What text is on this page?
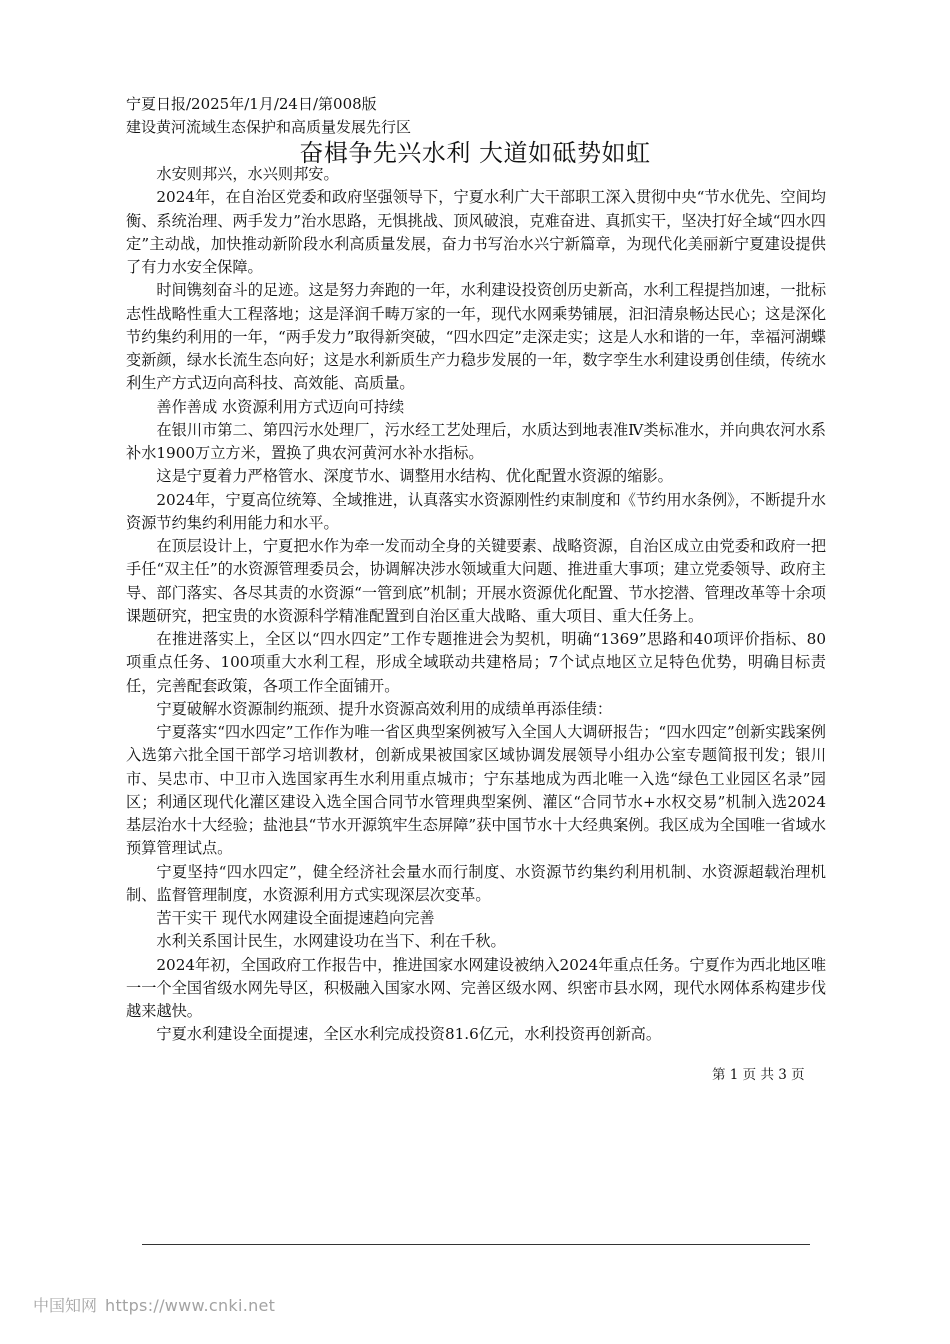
宁夏日报/2025年/1月/24日/第008版
建设黄河流域生态保护和高质量发展先行区
奋楫争先兴水利 大道如砥势如虹

水安则邦兴，水兴则邦安。

2024年，在自治区党委和政府坚强领导下，宁夏水利广大干部职工深入贯彻中央“节水优先、空间均衡、系统治理、两手发力”治水思路，无惧挑战、顶风破浪，克难奋进、真抓实干，坚决打好全域“四水四定”主动战，加快推动新阶段水利高质量发展，奋力书写治水兴宁新篇章，为现代化美丽新宁夏建设提供了有力水安全保障。

时间镌刻奋斗的足迹。这是努力奔跑的一年，水利建设投资创历史新高，水利工程提挡加速，一批标志性战略性重大工程落地；这是泽润千畴万家的一年，现代水网乘势铺展，汩汩清泉畅达民心；这是深化节约集约利用的一年，“两手发力”取得新突破，“四水四定”走深走实；这是人水和谐的一年，幸福河湖蝶变新颜，绿水长流生态向好；这是水利新质生产力稳步发展的一年，数字孪生水利建设勇创佳绩，传统水利生产方式迈向高科技、高效能、高质量。

善作善成 水资源利用方式迈向可持续

在银川市第二、第四污水处理厂，污水经工艺处理后，水质达到地表准Ⅳ类标准水，并向典农河水系补水1900万立方米，置换了典农河黄河水补水指标。

这是宁夏着力严格管水、深度节水、调整用水结构、优化配置水资源的缩影。

2024年，宁夏高位统筹、全域推进，认真落实水资源刚性约束制度和《节约用水条例》，不断提升水资源节约集约利用能力和水平。

在顶层设计上，宁夏把水作为牵一发而动全身的关键要素、战略资源，自治区成立由党委和政府一把手任“双主任”的水资源管理委员会，协调解决涉水领域重大问题、推进重大事项；建立党委领导、政府主导、部门落实、各尽其责的水资源“一管到底”机制；开展水资源优化配置、节水挖潜、管理改革等十余项课题研究，把宝贵的水资源科学精准配置到自治区重大战略、重大项目、重大任务上。

在推进落实上，全区以“四水四定”工作专题推进会为契机，明确“1369”思路和40项评价指标、80项重点任务、100项重大水利工程，形成全域联动共建格局；7个试点地区立足特色优势，明确目标责任，完善配套政策，各项工作全面铺开。

宁夏破解水资源制约瓶颈、提升水资源高效利用的成绩单再添佳绩：

宁夏落实“四水四定”工作作为唯一省区典型案例被写入全国人大调研报告；“四水四定”创新实践案例入选第六批全国干部学习培训教材，创新成果被国家区域协调发展领导小组办公室专题简报刊发；银川市、吴忠市、中卫市入选国家再生水利用重点城市；宁东基地成为西北唯一入选“绿色工业园区名录”园区；利通区现代化灌区建设入选全国合同节水管理典型案例、灌区“合同节水+水权交易”机制入选2024基层治水十大经验；盐池县“节水开源筑牢生态屏障”获中国节水十大经典案例。我区成为全国唯一省域水预算管理试点。

宁夏坚持“四水四定”，健全经济社会量水而行制度、水资源节约集约利用机制、水资源超载治理机制、监督管理制度，水资源利用方式实现深层次变革。

苦干实干 现代水网建设全面提速趋向完善

水利关系国计民生，水网建设功在当下、利在千秋。

2024年初，全国政府工作报告中，推进国家水网建设被纳入2024年重点任务。宁夏作为西北地区唯一一个全国省级水网先导区，积极融入国家水网、完善区级水网、织密市县水网，现代水网体系构建步伐越来越快。

宁夏水利建设全面提速，全区水利完成投资81.6亿元，水利投资再创新高。

第 1 页 共 3 页
中国知网 https://www.cnki.net
